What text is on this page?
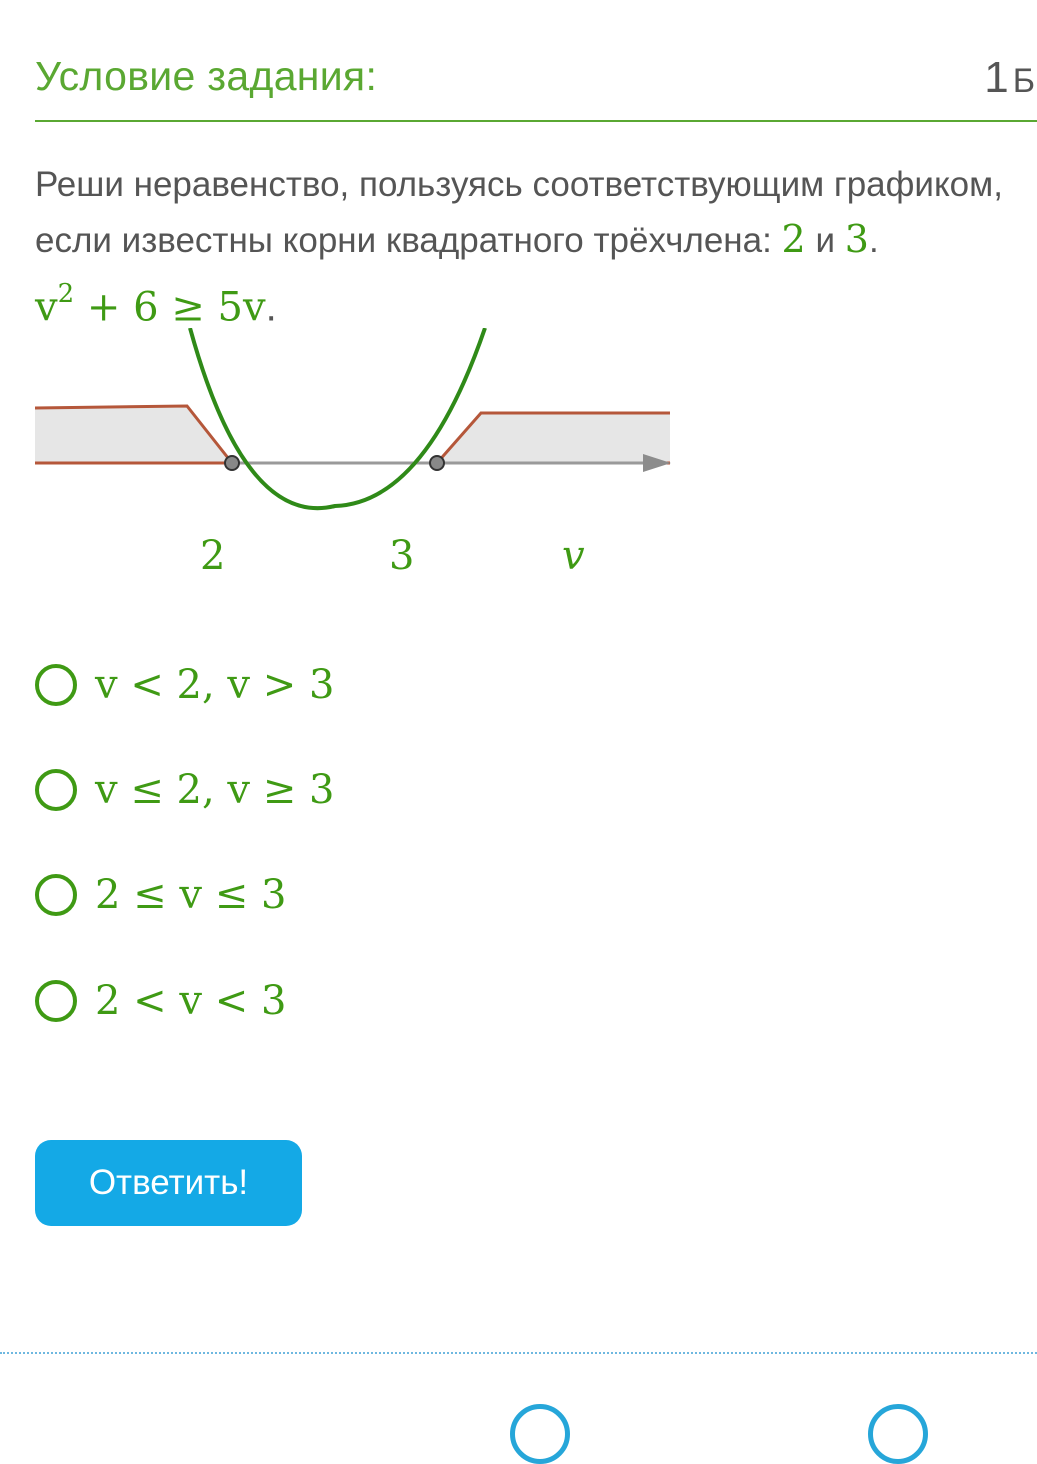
Условие задания:	1 Б
Реши неравенство, пользуясь соответствующим графиком,
если известны корни квадратного трёхчлена: 2 и 3.
$v^2 + 6 \ge 5v$.
2	3	v
v < 2, v > 3
v ≤ 2, v ≥ 3
2 ≤ v ≤ 3
2 < v < 3
Ответить!
